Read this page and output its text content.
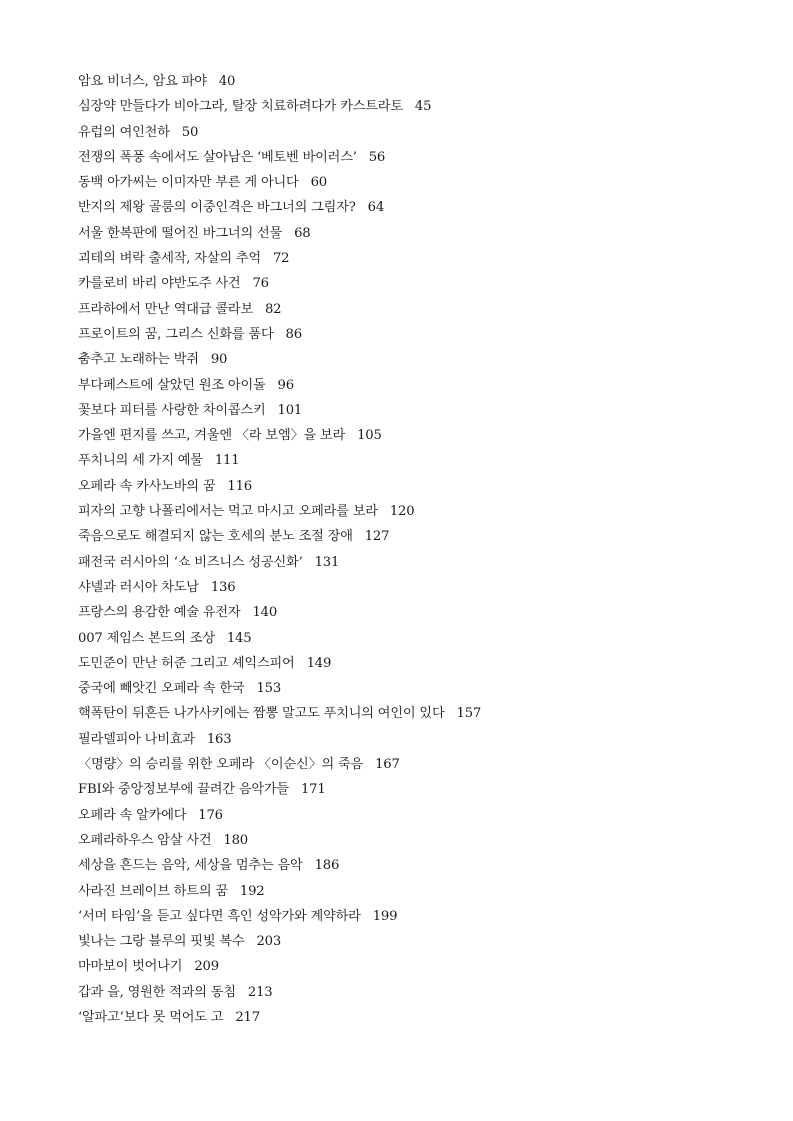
암요 비너스, 암요 파야 40
심장약 만들다가 비아그라, 탈장 치료하려다가 카스트라토 45
유럽의 여인천하 50
전쟁의 폭풍 속에서도 살아남은 ‘베토벤 바이러스’ 56
동백 아가씨는 이미자만 부른 게 아니다 60
반지의 제왕 골룸의 이중인격은 바그너의 그림자? 64
서울 한복판에 떨어진 바그너의 선물 68
괴테의 벼락 출세작, 자살의 추억 72
카를로비 바리 야반도주 사건 76
프라하에서 만난 역대급 콜라보 82
프로이트의 꿈, 그리스 신화를 품다 86
춤추고 노래하는 박쥐 90
부다페스트에 살았던 원조 아이돌 96
꽃보다 피터를 사랑한 차이콥스키 101
가을엔 편지를 쓰고, 겨울엔 〈라 보엠〉을 보라 105
푸치니의 세 가지 예물 111
오페라 속 카사노바의 꿈 116
피자의 고향 나폴리에서는 먹고 마시고 오페라를 보라 120
죽음으로도 해결되지 않는 호세의 분노 조절 장애 127
패전국 러시아의 ‘쇼 비즈니스 성공신화’ 131
샤넬과 러시아 차도남 136
프랑스의 용감한 예술 유전자 140
007 제임스 본드의 조상 145
도민준이 만난 허준 그리고 셰익스피어 149
중국에 빼앗긴 오페라 속 한국 153
핵폭탄이 뒤흔든 나가사키에는 짬뽕 말고도 푸치니의 여인이 있다 157
필라델피아 나비효과 163
〈명량〉의 승리를 위한 오페라 〈이순신〉의 죽음 167
FBI와 중앙정보부에 끌려간 음악가들 171
오페라 속 알카에다 176
오페라하우스 암살 사건 180
세상을 흔드는 음악, 세상을 멈추는 음악 186
사라진 브레이브 하트의 꿈 192
‘서머 타임’을 듣고 싶다면 흑인 성악가와 계약하라 199
빛나는 그랑 블루의 핏빛 복수 203
마마보이 벗어나기 209
갑과 을, 영원한 적과의 동침 213
‘알파고’보다 못 먹어도 고 217
